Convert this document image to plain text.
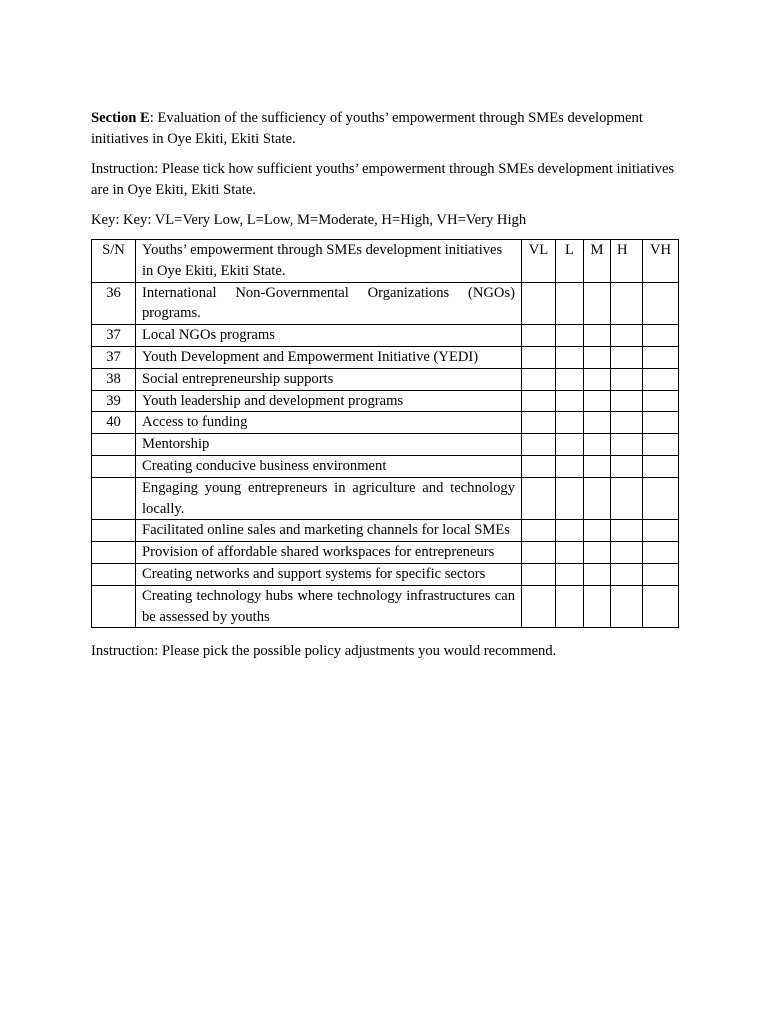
Section E: Evaluation of the sufficiency of youths’ empowerment through SMEs development initiatives in Oye Ekiti, Ekiti State.

Instruction: Please tick how sufficient youths’ empowerment through SMEs development initiatives are in Oye Ekiti, Ekiti State.

Key: Key: VL=Very Low, L=Low, M=Moderate, H=High, VH=Very High

S/N	Youths’ empowerment through SMEs development initiatives in Oye Ekiti, Ekiti State.	VL	L	M	H	VH
36	International Non-Governmental Organizations (NGOs) programs.					
37	Local NGOs programs					
37	Youth Development and Empowerment Initiative (YEDI)					
38	Social entrepreneurship supports					
39	Youth leadership and development programs					
40	Access to funding					
	Mentorship					
	Creating conducive business environment					
	Engaging young entrepreneurs in agriculture and technology locally.					
	Facilitated online sales and marketing channels for local SMEs					
	Provision of affordable shared workspaces for entrepreneurs					
	Creating networks and support systems for specific sectors					
	Creating technology hubs where technology infrastructures can be assessed by youths					

Instruction: Please pick the possible policy adjustments you would recommend.
